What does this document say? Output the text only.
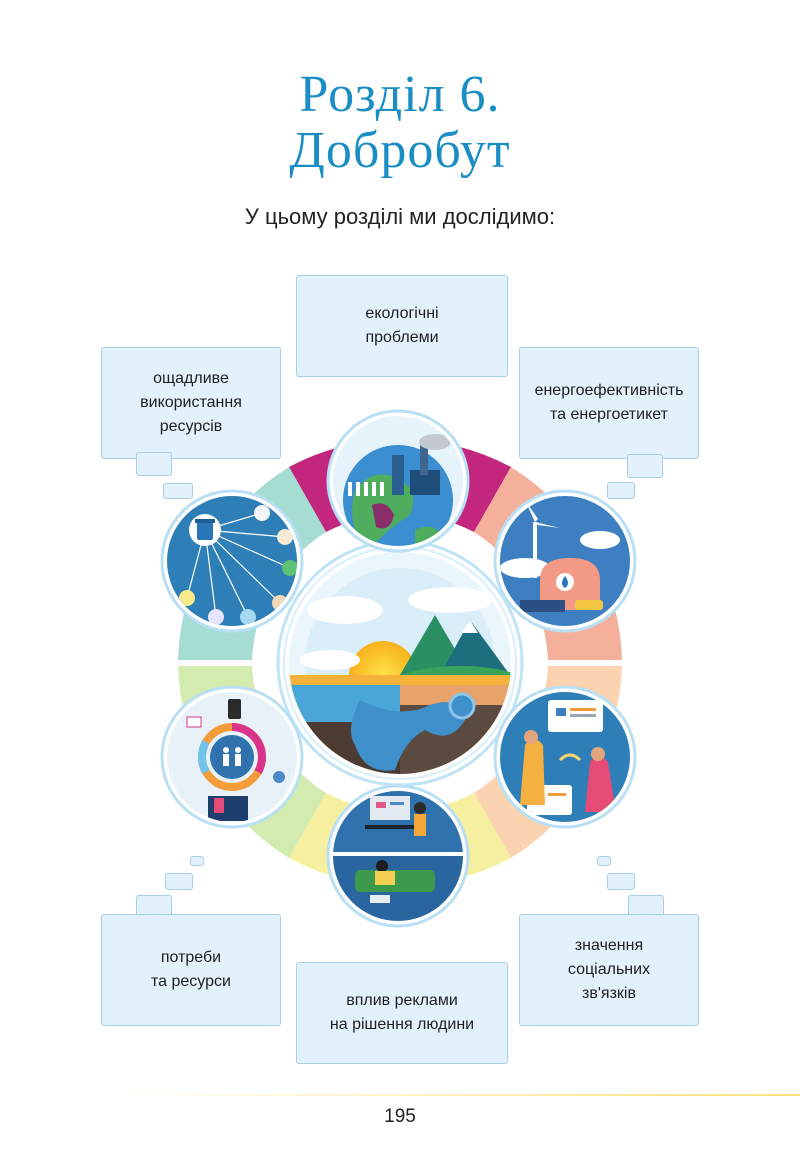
Розділ 6.
Добробут
У цьому розділі ми дослідимо:
екологічні
проблеми
ощадливе
використання
ресурсів
енергоефективність
та енергоетикет
потреби
та ресурси
значення
соціальних
зв'язків
вплив реклами
на рішення людини
195
